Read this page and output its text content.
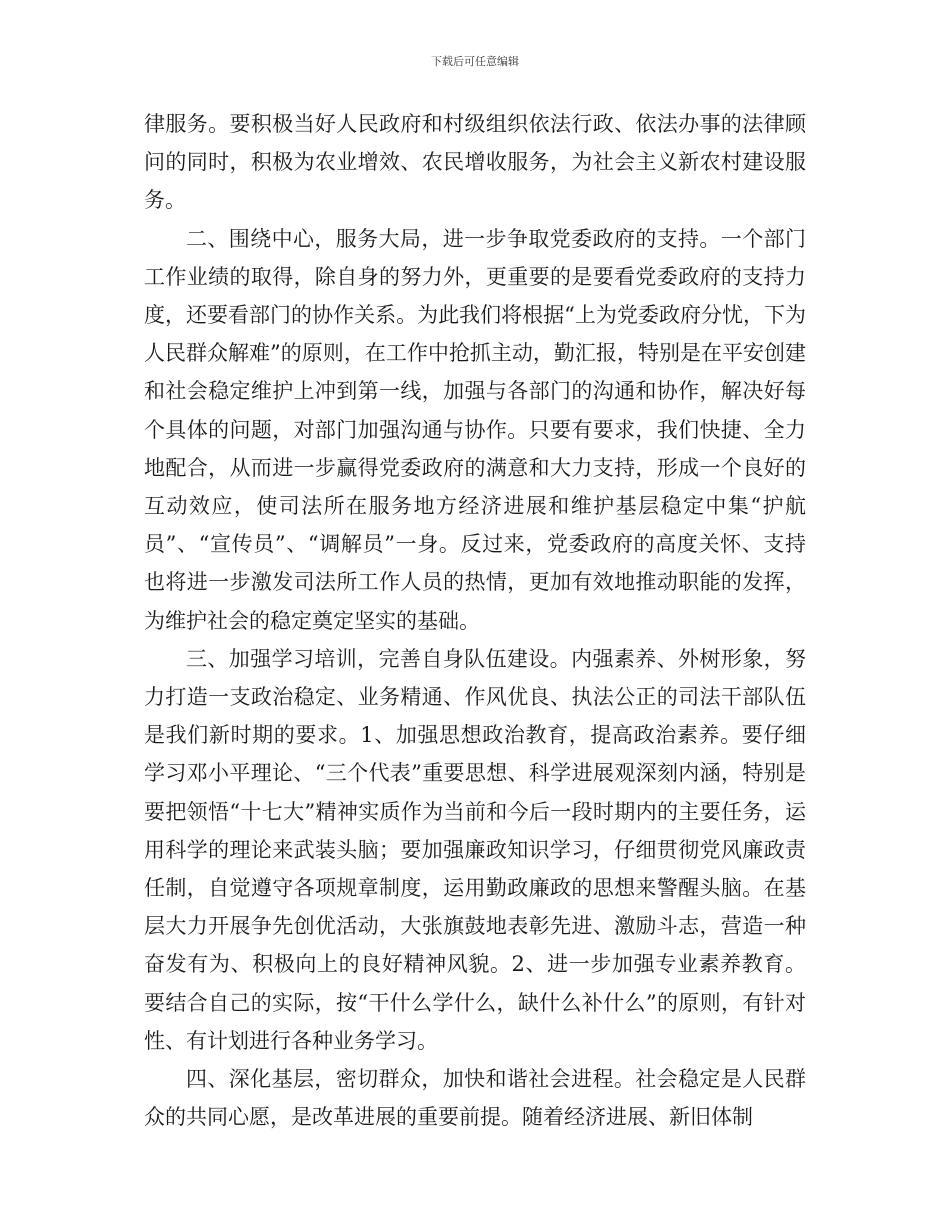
下载后可任意编辑

律服务。要积极当好人民政府和村级组织依法行政、依法办事的法律顾问的同时，积极为农业增效、农民增收服务，为社会主义新农村建设服务。

二、围绕中心，服务大局，进一步争取党委政府的支持。一个部门工作业绩的取得，除自身的努力外，更重要的是要看党委政府的支持力度，还要看部门的协作关系。为此我们将根据“上为党委政府分忧，下为人民群众解难”的原则，在工作中抢抓主动，勤汇报，特别是在平安创建和社会稳定维护上冲到第一线，加强与各部门的沟通和协作，解决好每个具体的问题，对部门加强沟通与协作。只要有要求，我们快捷、全力地配合，从而进一步赢得党委政府的满意和大力支持，形成一个良好的互动效应，使司法所在服务地方经济进展和维护基层稳定中集“护航员”、“宣传员”、“调解员”一身。反过来，党委政府的高度关怀、支持也将进一步激发司法所工作人员的热情，更加有效地推动职能的发挥，为维护社会的稳定奠定坚实的基础。

三、加强学习培训，完善自身队伍建设。内强素养、外树形象，努力打造一支政治稳定、业务精通、作风优良、执法公正的司法干部队伍是我们新时期的要求。1、加强思想政治教育，提高政治素养。要仔细学习邓小平理论、“三个代表”重要思想、科学进展观深刻内涵，特别是要把领悟“十七大”精神实质作为当前和今后一段时期内的主要任务，运用科学的理论来武装头脑；要加强廉政知识学习，仔细贯彻党风廉政责任制，自觉遵守各项规章制度，运用勤政廉政的思想来警醒头脑。在基层大力开展争先创优活动，大张旗鼓地表彰先进、激励斗志，营造一种奋发有为、积极向上的良好精神风貌。2、进一步加强专业素养教育。要结合自己的实际，按“干什么学什么，缺什么补什么”的原则，有针对性、有计划进行各种业务学习。

四、深化基层，密切群众，加快和谐社会进程。社会稳定是人民群众的共同心愿，是改革进展的重要前提。随着经济进展、新旧体制
